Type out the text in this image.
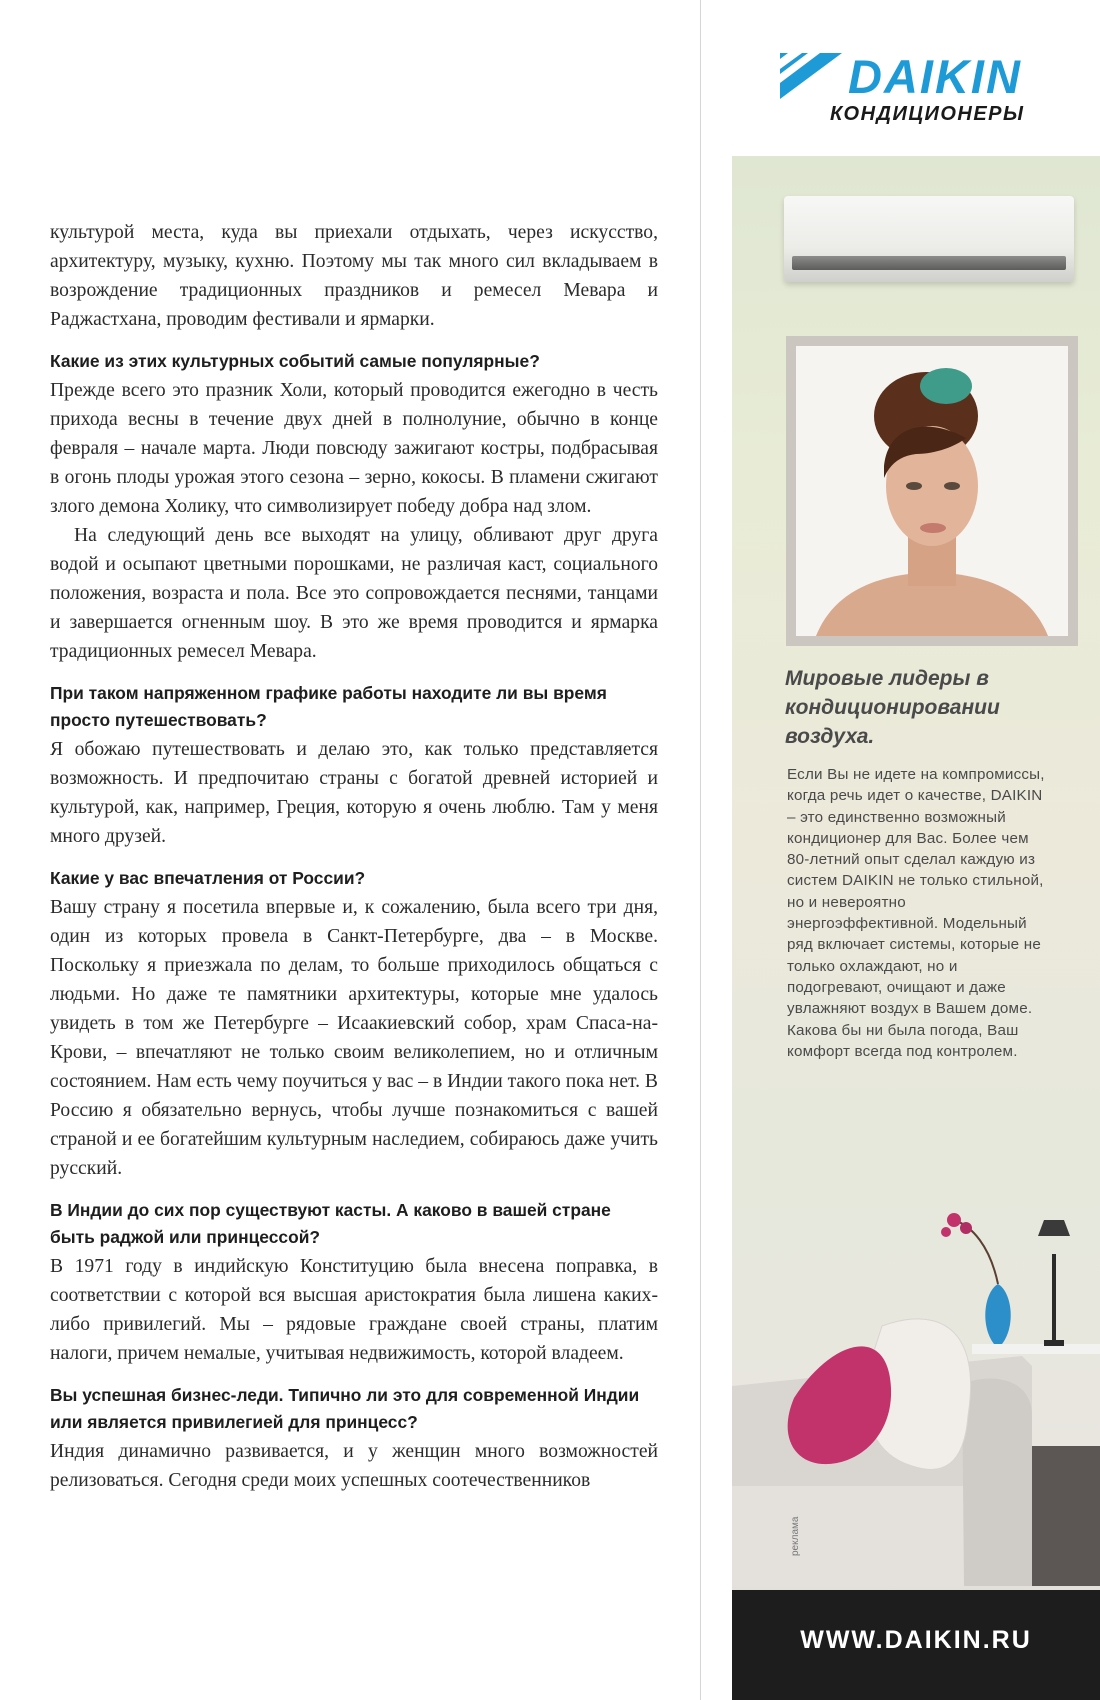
культурой места, куда вы приехали отдыхать, через искусство, архитектуру, музыку, кухню. Поэтому мы так много сил вкладываем в возрождение традиционных праздников и ремесел Мевара и Раджастхана, проводим фестивали и ярмарки.

Какие из этих культурных событий самые популярные?

Прежде всего это празник Холи, который проводится ежегодно в честь прихода весны в течение двух дней в полнолуние, обычно в конце февраля – начале марта. Люди повсюду зажигают костры, подбрасывая в огонь плоды урожая этого сезона – зерно, кокосы. В пламени сжигают злого демона Холику, что символизирует победу добра над злом.

На следующий день все выходят на улицу, обливают друг друга водой и осыпают цветными порошками, не различая каст, социального положения, возраста и пола. Все это сопровождается песнями, танцами и завершается огненным шоу. В это же время проводится и ярмарка традиционных ремесел Мевара.

При таком напряженном графике работы находите ли вы время просто путешествовать?

Я обожаю путешествовать и делаю это, как только представляется возможность. И предпочитаю страны с богатой древней историей и культурой, как, например, Греция, которую я очень люблю. Там у меня много друзей.

Какие у вас впечатления от России?

Вашу страну я посетила впервые и, к сожалению, была всего три дня, один из которых провела в Санкт-Петербурге, два – в Москве. Поскольку я приезжала по делам, то больше приходилось общаться с людьми. Но даже те памятники архитектуры, которые мне удалось увидеть в том же Петербурге – Исаакиевский собор, храм Спаса-на-Крови, – впечатляют не только своим великолепием, но и отличным состоянием. Нам есть чему поучиться у вас – в Индии такого пока нет. В Россию я обязательно вернусь, чтобы лучше познакомиться с вашей страной и ее богатейшим культурным наследием, собираюсь даже учить русский.

В Индии до сих пор существуют касты. А каково в вашей стране быть раджой или принцессой?

В 1971 году в индийскую Конституцию была внесена поправка, в соответствии с которой вся высшая аристократия была лишена каких-либо привилегий. Мы – рядовые граждане своей страны, платим налоги, причем немалые, учитывая недвижимость, которой владеем.

Вы успешная бизнес-леди. Типично ли это для современной Индии или является привилегией для принцесс?

Индия динамично развивается, и у женщин много возможностей релизоваться. Сегодня среди моих успешных соотечественников

DAIKIN
КОНДИЦИОНЕРЫ
Мировые лидеры в кондиционировании воздуха.
Если Вы не идете на компромиссы, когда речь идет о качестве, DAIKIN – это единственно возможный кондиционер для Вас. Более чем 80-летний опыт сделал каждую из систем DAIKIN не только стильной, но и невероятно энергоэффективной. Модельный ряд включает системы, которые не только охлаждают, но и подогревают, очищают и даже увлажняют воздух в Вашем доме. Какова бы ни была погода, Ваш комфорт всегда под контролем.
реклама
WWW.DAIKIN.RU
